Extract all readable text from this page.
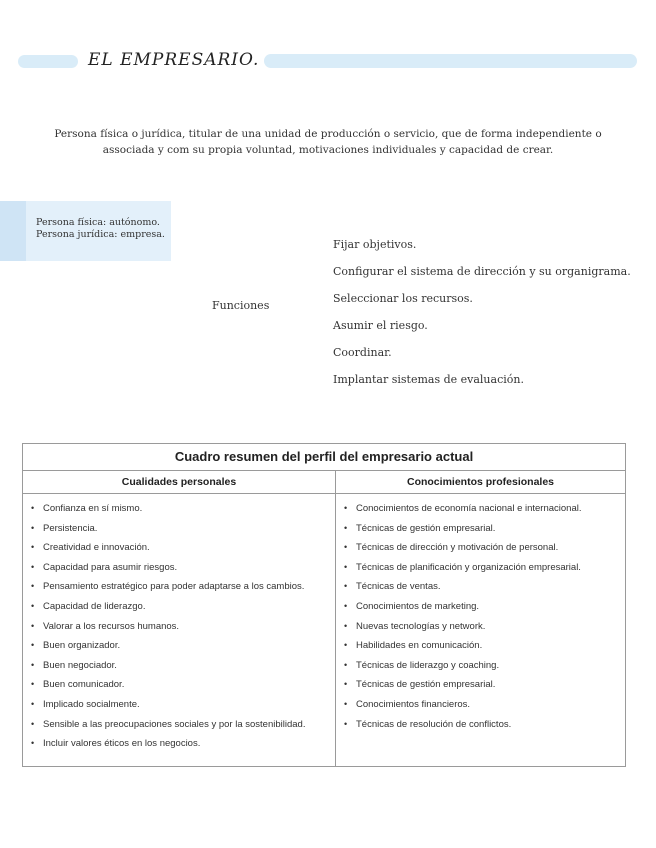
EL EMPRESARIO.
Persona física o jurídica, titular de una unidad de producción o servicio, que de forma independiente o associada y com su propia voluntad, motivaciones individuales y capacidad de crear.
Persona física: autónomo.
Persona jurídica: empresa.
Funciones
Fijar objetivos.
Configurar el sistema de dirección y su organigrama.
Seleccionar los recursos.
Asumir el riesgo.
Coordinar.
Implantar sistemas de evaluación.
Cuadro resumen del perfil del empresario actual
Cualidades personales
• Confianza en sí mismo.
• Persistencia.
• Creatividad e innovación.
• Capacidad para asumir riesgos.
• Pensamiento estratégico para poder adaptarse a los cambios.
• Capacidad de liderazgo.
• Valorar a los recursos humanos.
• Buen organizador.
• Buen negociador.
• Buen comunicador.
• Implicado socialmente.
• Sensible a las preocupaciones sociales y por la sostenibilidad.
• Incluir valores éticos en los negocios.
Conocimientos profesionales
• Conocimientos de economía nacional e internacional.
• Técnicas de gestión empresarial.
• Técnicas de dirección y motivación de personal.
• Técnicas de planificación y organización empresarial.
• Técnicas de ventas.
• Conocimientos de marketing.
• Nuevas tecnologías y network.
• Habilidades en comunicación.
• Técnicas de liderazgo y coaching.
• Técnicas de gestión empresarial.
• Conocimientos financieros.
• Técnicas de resolución de conflictos.
